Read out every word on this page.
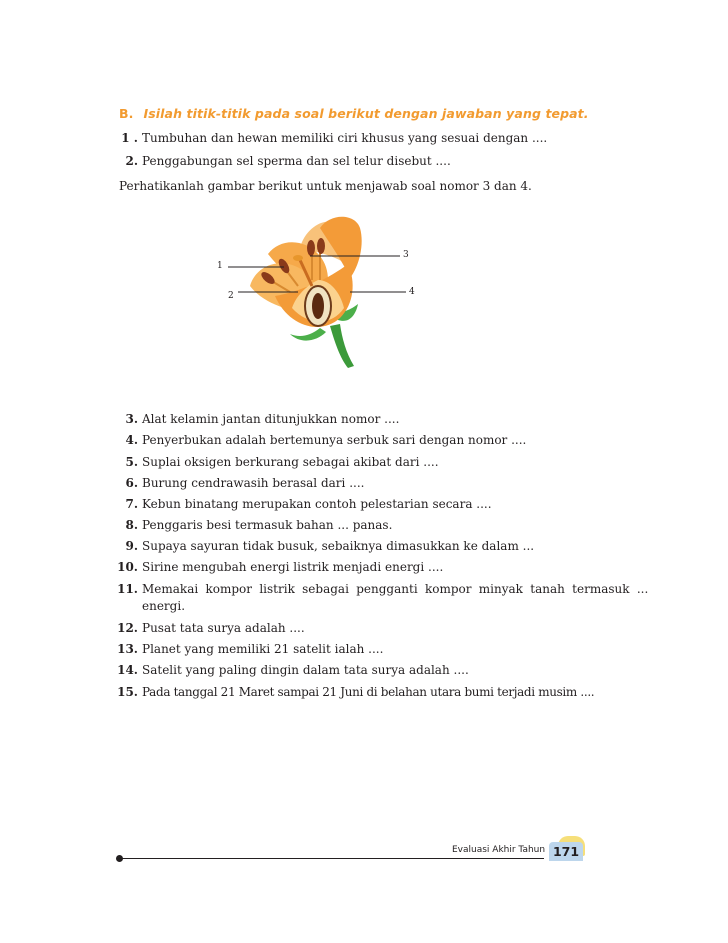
B. Isilah titik-titik pada soal berikut dengan jawaban yang tepat.
1 . Tumbuhan dan hewan memiliki ciri khusus yang sesuai dengan ....
2. Penggabungan sel sperma dan sel telur disebut ....
Perhatikanlah gambar berikut untuk menjawab soal nomor 3 dan 4.
1
2
3
4
3. Alat kelamin jantan ditunjukkan nomor ....
4. Penyerbukan adalah bertemunya serbuk sari dengan nomor ....
5. Suplai oksigen berkurang sebagai akibat dari ....
6. Burung cendrawasih berasal dari ....
7. Kebun binatang merupakan contoh pelestarian secara ....
8. Penggaris besi termasuk bahan ... panas.
9. Supaya sayuran tidak busuk, sebaiknya dimasukkan ke dalam ...
10. Sirine mengubah energi listrik menjadi energi ....
11. Memakai kompor listrik sebagai pengganti kompor minyak tanah termasuk ...
energi.
12. Pusat tata surya adalah ....
13. Planet yang memiliki 21 satelit ialah ....
14. Satelit yang paling dingin dalam tata surya adalah ....
15. Pada tanggal 21 Maret sampai 21 Juni di belahan utara bumi terjadi musim ....
Evaluasi Akhir Tahun 171
